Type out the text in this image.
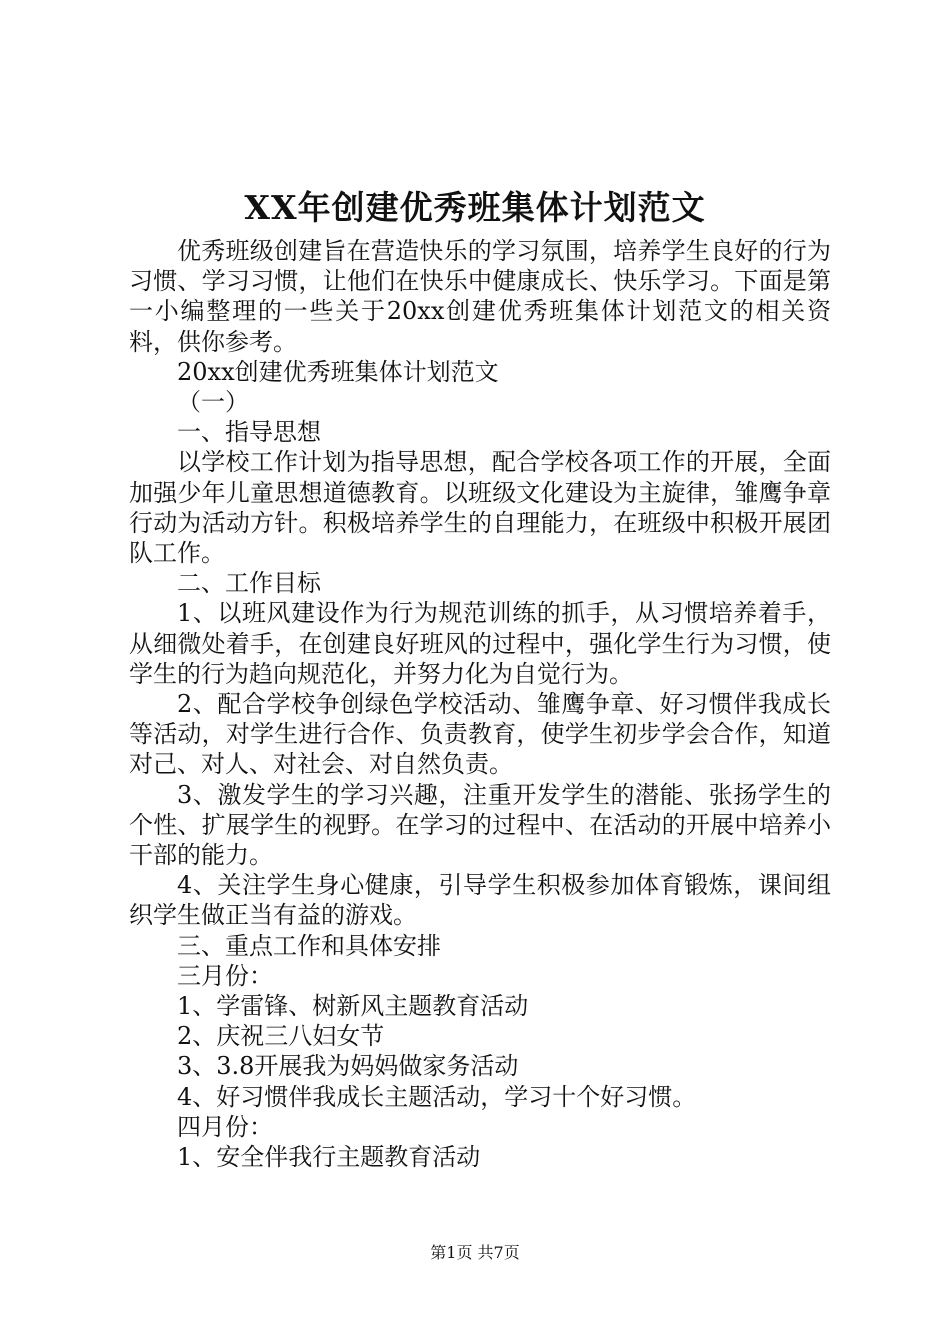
XX年创建优秀班集体计划范文

优秀班级创建旨在营造快乐的学习氛围，培养学生良好的行为习惯、学习习惯，让他们在快乐中健康成长、快乐学习。下面是第一小编整理的一些关于20xx创建优秀班集体计划范文的相关资料，供你参考。

20xx创建优秀班集体计划范文

（一）

一、指导思想

以学校工作计划为指导思想，配合学校各项工作的开展，全面加强少年儿童思想道德教育。以班级文化建设为主旋律，雏鹰争章行动为活动方针。积极培养学生的自理能力，在班级中积极开展团队工作。

二、工作目标

1、以班风建设作为行为规范训练的抓手，从习惯培养着手，从细微处着手，在创建良好班风的过程中，强化学生行为习惯，使学生的行为趋向规范化，并努力化为自觉行为。

2、配合学校争创绿色学校活动、雏鹰争章、好习惯伴我成长等活动，对学生进行合作、负责教育，使学生初步学会合作，知道对己、对人、对社会、对自然负责。

3、激发学生的学习兴趣，注重开发学生的潜能、张扬学生的个性、扩展学生的视野。在学习的过程中、在活动的开展中培养小干部的能力。

4、关注学生身心健康，引导学生积极参加体育锻炼，课间组织学生做正当有益的游戏。

三、重点工作和具体安排

三月份：

1、学雷锋、树新风主题教育活动

2、庆祝三八妇女节

3、3.8开展我为妈妈做家务活动

4、好习惯伴我成长主题活动，学习十个好习惯。

四月份：

1、安全伴我行主题教育活动

第1页 共7页
